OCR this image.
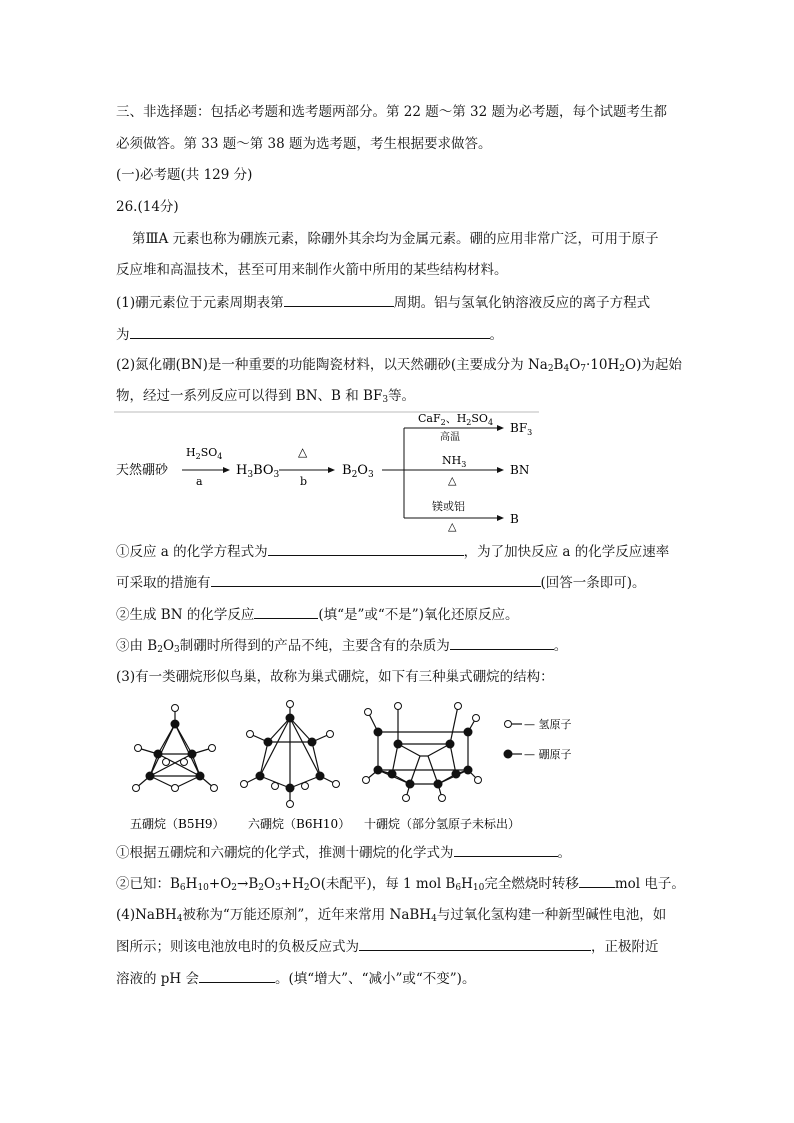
三、非选择题：包括必考题和选考题两部分。第 22 题～第 32 题为必考题，每个试题考生都
必须做答。第 33 题～第 38 题为选考题，考生根据要求做答。
(一)必考题(共 129 分)
26.(14分)
第ⅢA 元素也称为硼族元素，除硼外其余均为金属元素。硼的应用非常广泛，可用于原子
反应堆和高温技术，甚至可用来制作火箭中所用的某些结构材料。
(1)硼元素位于元素周期表第	周期。铝与氢氧化钠溶液反应的离子方程式
为	。
(2)氮化硼(BN)是一种重要的功能陶瓷材料，以天然硼砂(主要成分为 $Na_2B_4O_7\cdot 10H_2O$)为起始
物，经过一系列反应可以得到 BN、B 和 $BF_3$等。
天然硼砂
$H_2SO_4$
a
$H_3BO_3$
△
b
$B_2O_3$
CaF$_2$、$H_2SO_4$
高温
$BF_3$
$NH_3$
△
BN
镁或铝
△
B
①反应 a 的化学方程式为	，为了加快反应 a 的化学反应速率
可采取的措施有	(回答一条即可)。
②生成 BN 的化学反应	(填“是”或“不是”)氧化还原反应。
③由 $B_2O_3$制硼时所得到的产品不纯，主要含有的杂质为	。
(3)有一类硼烷形似鸟巢，故称为巢式硼烷，如下有三种巢式硼烷的结构：
— 氢原子
— 硼原子
五硼烷（B5H9） 六硼烷（B6H10） 十硼烷（部分氢原子未标出）
①根据五硼烷和六硼烷的化学式，推测十硼烷的化学式为	。
②已知：$B_6H_{10}+O_2\to B_2O_3+H_2O$(未配平)，每 1 mol $B_6H_{10}$完全燃烧时转移	mol 电子。
(4)NaBH$_4$被称为“万能还原剂”，近年来常用 NaBH$_4$与过氧化氢构建一种新型碱性电池，如
图所示；则该电池放电时的负极反应式为	，正极附近
溶液的 pH 会	。(填“增大”、“减小”或“不变”)。
